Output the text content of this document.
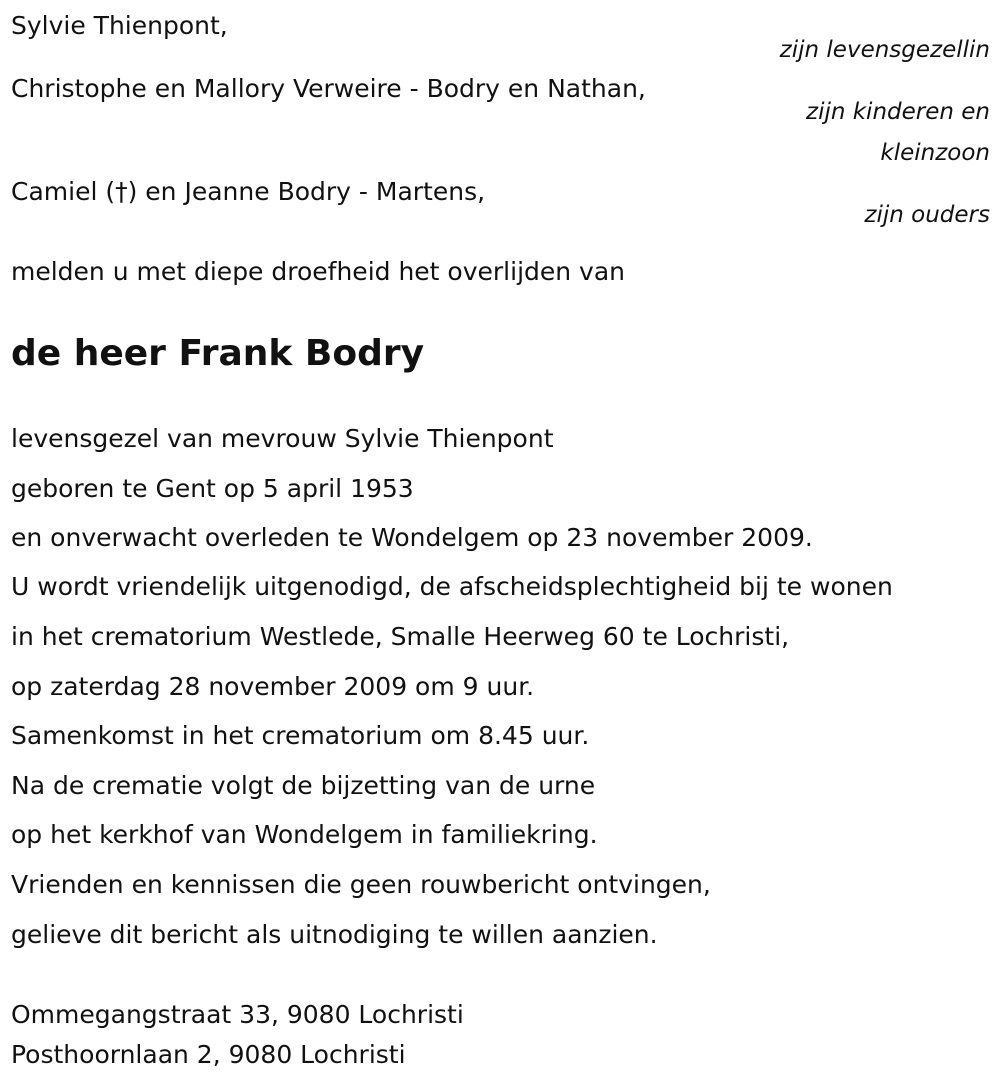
Sylvie Thienpont,
zijn levensgezellin
Christophe en Mallory Verweire - Bodry en Nathan,
zijn kinderen en
kleinzoon
Camiel (†) en Jeanne Bodry - Martens,
zijn ouders
melden u met diepe droefheid het overlijden van
de heer Frank Bodry
levensgezel van mevrouw Sylvie Thienpont
geboren te Gent op 5 april 1953
en onverwacht overleden te Wondelgem op 23 november 2009.
U wordt vriendelijk uitgenodigd, de afscheidsplechtigheid bij te wonen
in het crematorium Westlede, Smalle Heerweg 60 te Lochristi,
op zaterdag 28 november 2009 om 9 uur.
Samenkomst in het crematorium om 8.45 uur.
Na de crematie volgt de bijzetting van de urne
op het kerkhof van Wondelgem in familiekring.
Vrienden en kennissen die geen rouwbericht ontvingen,
gelieve dit bericht als uitnodiging te willen aanzien.
Ommegangstraat 33, 9080 Lochristi
Posthoornlaan 2, 9080 Lochristi
